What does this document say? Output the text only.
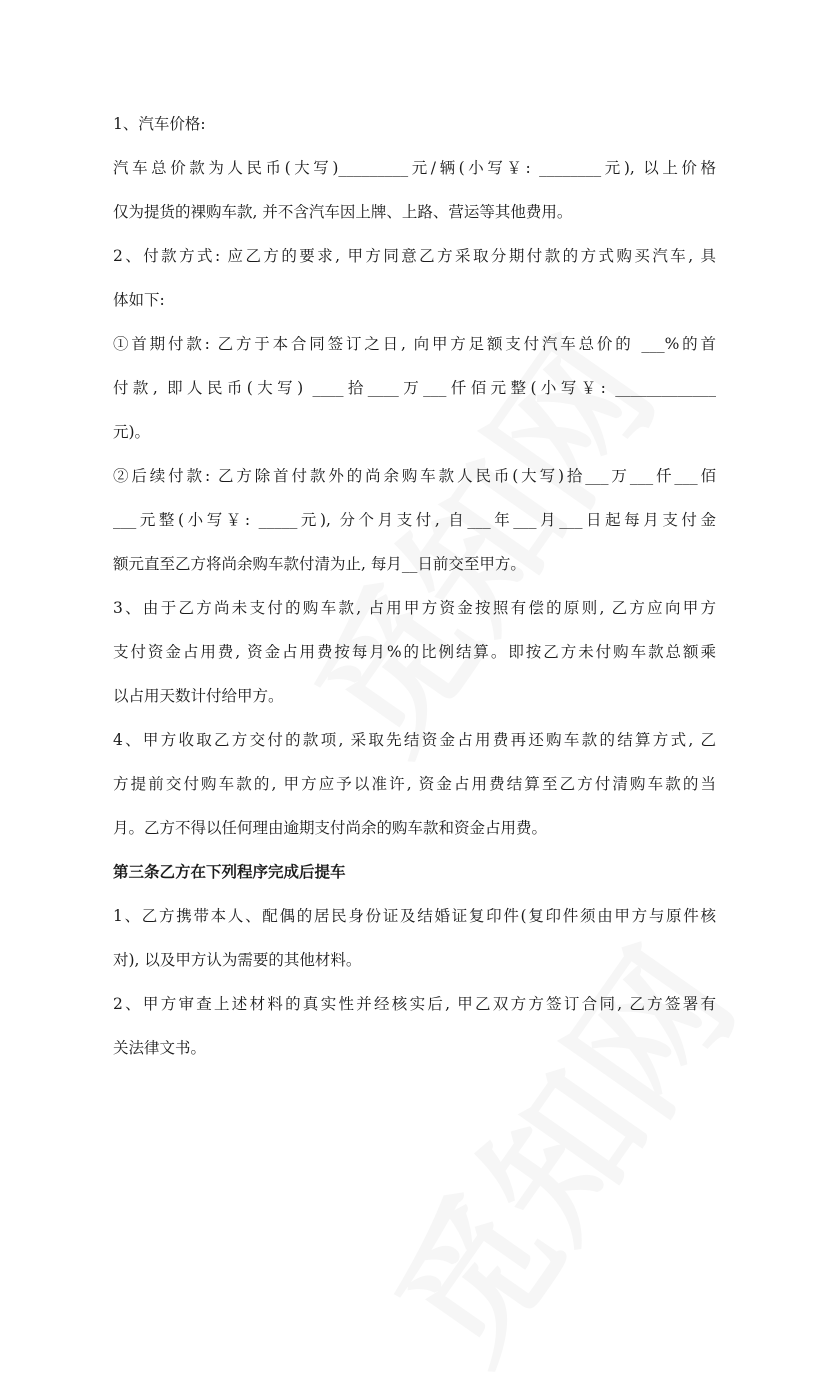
1、汽车价格:
汽车总价款为人民币(大写)_________元/辆(小写￥: ________元), 以上价格
仅为提货的裸购车款, 并不含汽车因上牌、上路、营运等其他费用。
2、付款方式: 应乙方的要求, 甲方同意乙方采取分期付款的方式购买汽车, 具
体如下:
①首期付款: 乙方于本合同签订之日, 向甲方足额支付汽车总价的 ___%的首
付款, 即人民币(大写) ____拾____万___仟佰元整(小写￥: _____________
元)。
②后续付款: 乙方除首付款外的尚余购车款人民币(大写)拾___万___仟___佰
___元整(小写￥: _____元), 分个月支付, 自___年___月___日起每月支付金
额元直至乙方将尚余购车款付清为止, 每月__日前交至甲方。
3、由于乙方尚未支付的购车款, 占用甲方资金按照有偿的原则, 乙方应向甲方
支付资金占用费, 资金占用费按每月%的比例结算。即按乙方未付购车款总额乘
以占用天数计付给甲方。
4、甲方收取乙方交付的款项, 采取先结资金占用费再还购车款的结算方式, 乙
方提前交付购车款的, 甲方应予以准许, 资金占用费结算至乙方付清购车款的当
月。乙方不得以任何理由逾期支付尚余的购车款和资金占用费。
第三条乙方在下列程序完成后提车
1、乙方携带本人、配偶的居民身份证及结婚证复印件(复印件须由甲方与原件核
对), 以及甲方认为需要的其他材料。
2、甲方审查上述材料的真实性并经核实后, 甲乙双方方签订合同, 乙方签署有
关法律文书。
